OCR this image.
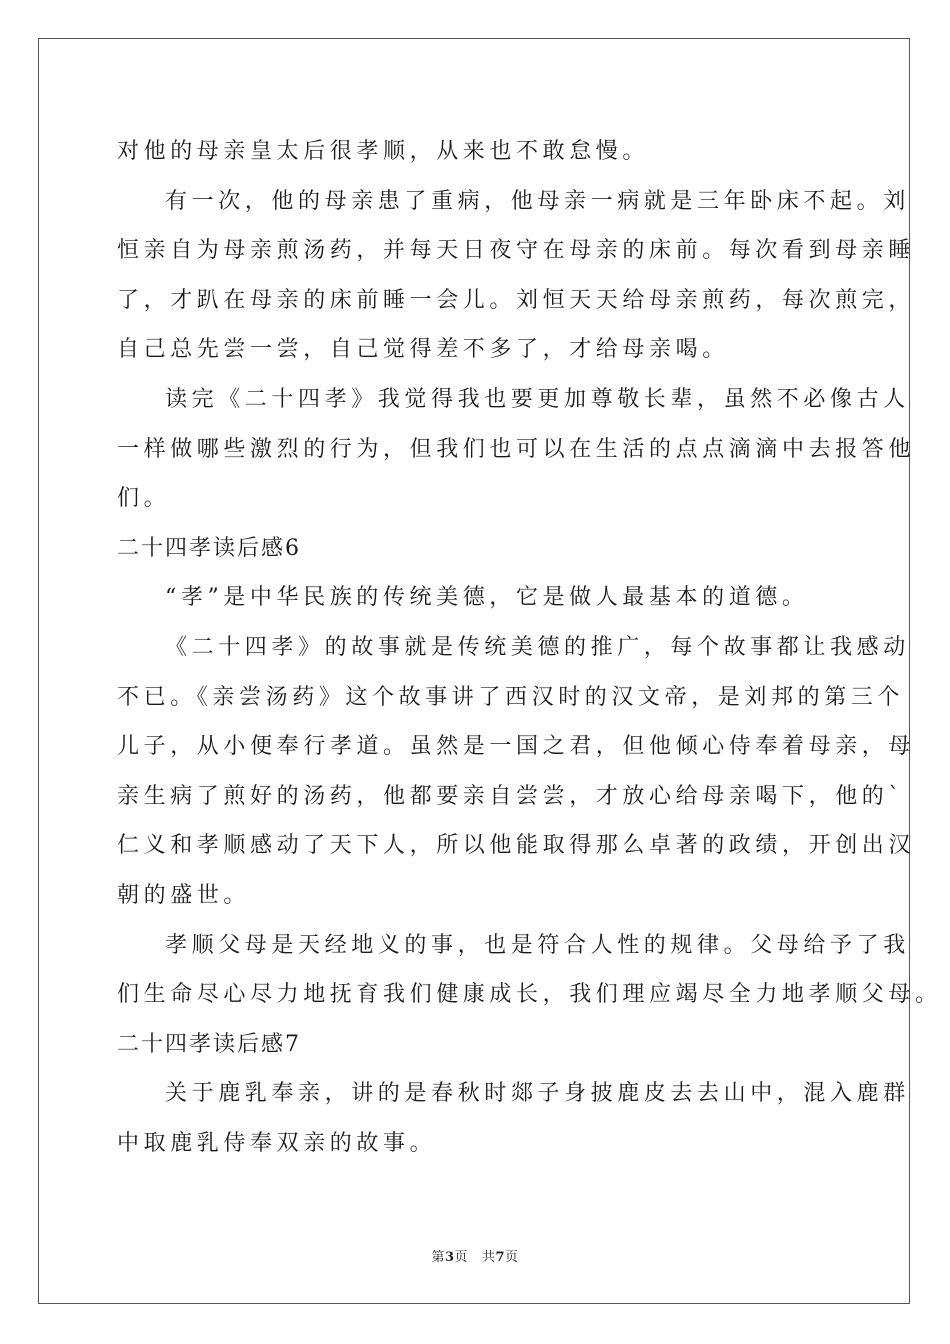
对他的母亲皇太后很孝顺，从来也不敢怠慢。
有一次，他的母亲患了重病，他母亲一病就是三年卧床不起。刘
恒亲自为母亲煎汤药，并每天日夜守在母亲的床前。每次看到母亲睡
了，才趴在母亲的床前睡一会儿。刘恒天天给母亲煎药，每次煎完，
自己总先尝一尝，自己觉得差不多了，才给母亲喝。
读完《二十四孝》我觉得我也要更加尊敬长辈，虽然不必像古人
一样做哪些激烈的行为，但我们也可以在生活的点点滴滴中去报答他
们。
二十四孝读后感6
“孝”是中华民族的传统美德，它是做人最基本的道德。
《二十四孝》的故事就是传统美德的推广，每个故事都让我感动
不已。《亲尝汤药》这个故事讲了西汉时的汉文帝，是刘邦的第三个
儿子，从小便奉行孝道。虽然是一国之君，但他倾心侍奉着母亲，母
亲生病了煎好的汤药，他都要亲自尝尝，才放心给母亲喝下，他的`
仁义和孝顺感动了天下人，所以他能取得那么卓著的政绩，开创出汉
朝的盛世。
孝顺父母是天经地义的事，也是符合人性的规律。父母给予了我
们生命尽心尽力地抚育我们健康成长，我们理应竭尽全力地孝顺父母。
二十四孝读后感7
关于鹿乳奉亲，讲的是春秋时郯子身披鹿皮去去山中，混入鹿群
中取鹿乳侍奉双亲的故事。
第3页 共7页
